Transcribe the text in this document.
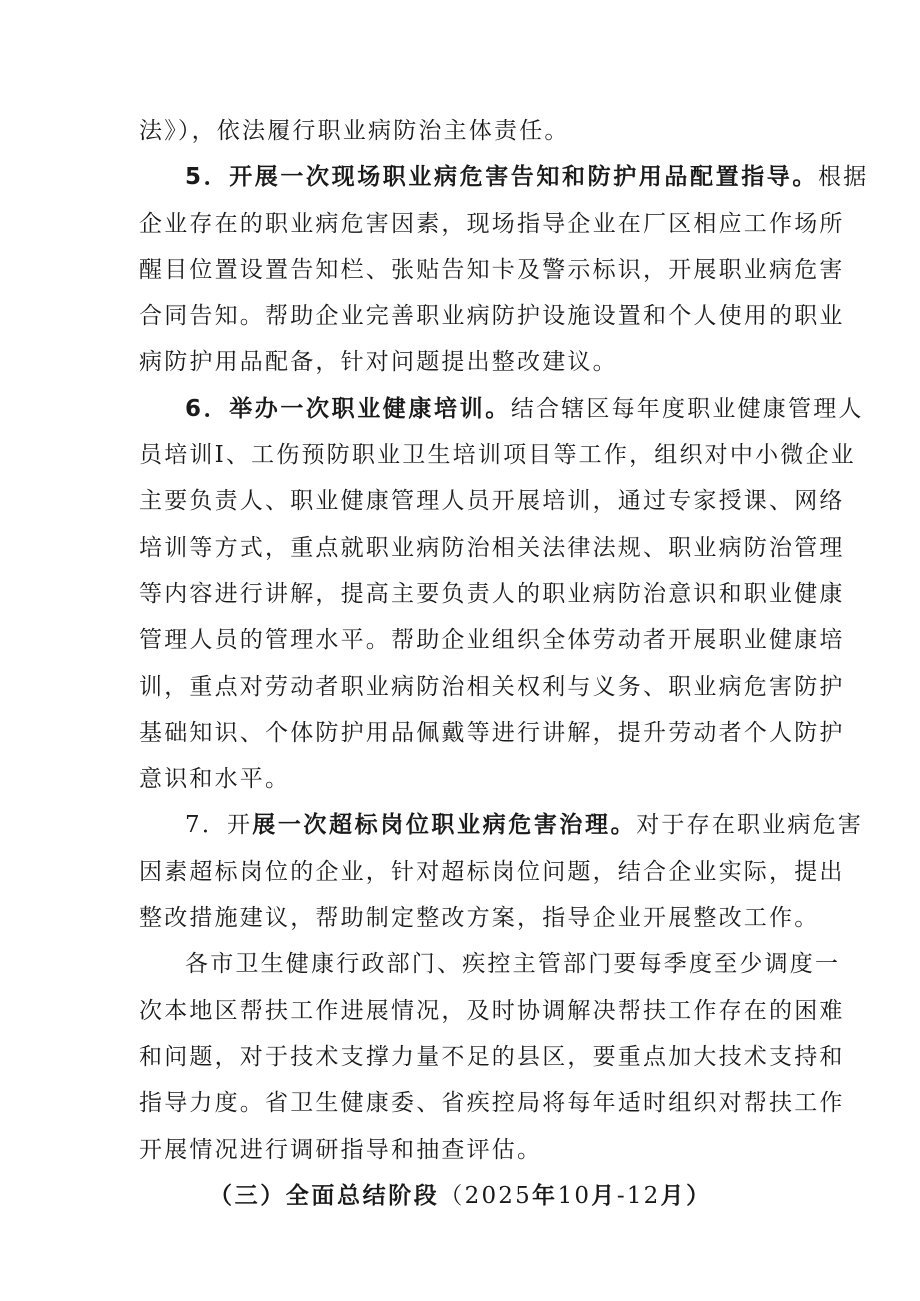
法》），依法履行职业病防治主体责任。
5．开展一次现场职业病危害告知和防护用品配置指导。根据
企业存在的职业病危害因素，现场指导企业在厂区相应工作场所
醒目位置设置告知栏、张贴告知卡及警示标识，开展职业病危害
合同告知。帮助企业完善职业病防护设施设置和个人使用的职业
病防护用品配备，针对问题提出整改建议。
6．举办一次职业健康培训。结合辖区每年度职业健康管理人
员培训I、工伤预防职业卫生培训项目等工作，组织对中小微企业
主要负责人、职业健康管理人员开展培训，通过专家授课、网络
培训等方式，重点就职业病防治相关法律法规、职业病防治管理
等内容进行讲解，提高主要负责人的职业病防治意识和职业健康
管理人员的管理水平。帮助企业组织全体劳动者开展职业健康培
训，重点对劳动者职业病防治相关权利与义务、职业病危害防护
基础知识、个体防护用品佩戴等进行讲解，提升劳动者个人防护
意识和水平。
7．开展一次超标岗位职业病危害治理。对于存在职业病危害
因素超标岗位的企业，针对超标岗位问题，结合企业实际，提出
整改措施建议，帮助制定整改方案，指导企业开展整改工作。
各市卫生健康行政部门、疾控主管部门要每季度至少调度一
次本地区帮扶工作进展情况，及时协调解决帮扶工作存在的困难
和问题，对于技术支撑力量不足的县区，要重点加大技术支持和
指导力度。省卫生健康委、省疾控局将每年适时组织对帮扶工作
开展情况进行调研指导和抽查评估。
（三）全面总结阶段（2025年10月-12月）
